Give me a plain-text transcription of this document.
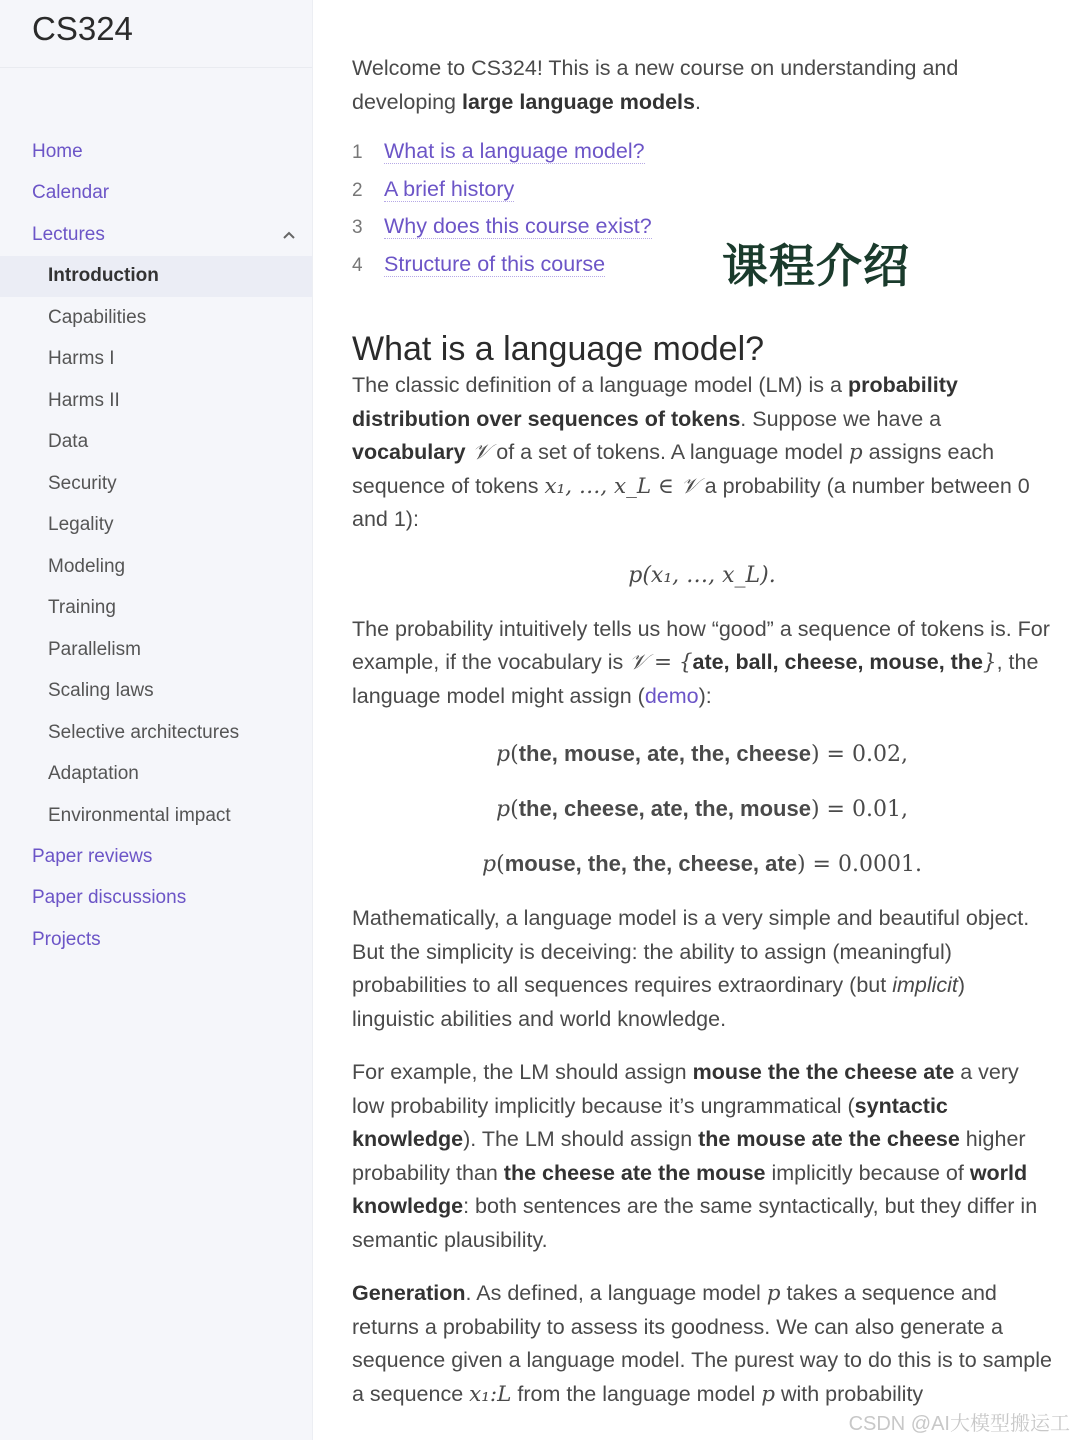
CS324
Home
Calendar
Lectures
Introduction
Capabilities
Harms I
Harms II
Data
Security
Legality
Modeling
Training
Parallelism
Scaling laws
Selective architectures
Adaptation
Environmental impact
Paper reviews
Paper discussions
Projects
课程介绍

Welcome to CS324! This is a new course on understanding and developing large language models.

1 What is a language model?
2 A brief history
3 Why does this course exist?
4 Structure of this course
What is a language model?

The classic definition of a language model (LM) is a probability distribution over sequences of tokens. Suppose we have a vocabulary 𝒱 of a set of tokens. A language model p assigns each sequence of tokens x₁, …, x_L ∈ 𝒱 a probability (a number between 0 and 1):

p(x₁, …, x_L).

The probability intuitively tells us how “good” a sequence of tokens is. For example, if the vocabulary is 𝒱 = {ate, ball, cheese, mouse, the}, the language model might assign (demo):

p(the, mouse, ate, the, cheese) = 0.02,
p(the, cheese, ate, the, mouse) = 0.01,
p(mouse, the, the, cheese, ate) = 0.0001.

Mathematically, a language model is a very simple and beautiful object. But the simplicity is deceiving: the ability to assign (meaningful) probabilities to all sequences requires extraordinary (but implicit) linguistic abilities and world knowledge.

For example, the LM should assign mouse the the cheese ate a very low probability implicitly because it’s ungrammatical (syntactic knowledge). The LM should assign the mouse ate the cheese higher probability than the cheese ate the mouse implicitly because of world knowledge: both sentences are the same syntactically, but they differ in semantic plausibility.

Generation. As defined, a language model p takes a sequence and returns a probability to assess its goodness. We can also generate a sequence given a language model. The purest way to do this is to sample a sequence x₁:L from the language model p with probability

CSDN @AI大模型搬运工
